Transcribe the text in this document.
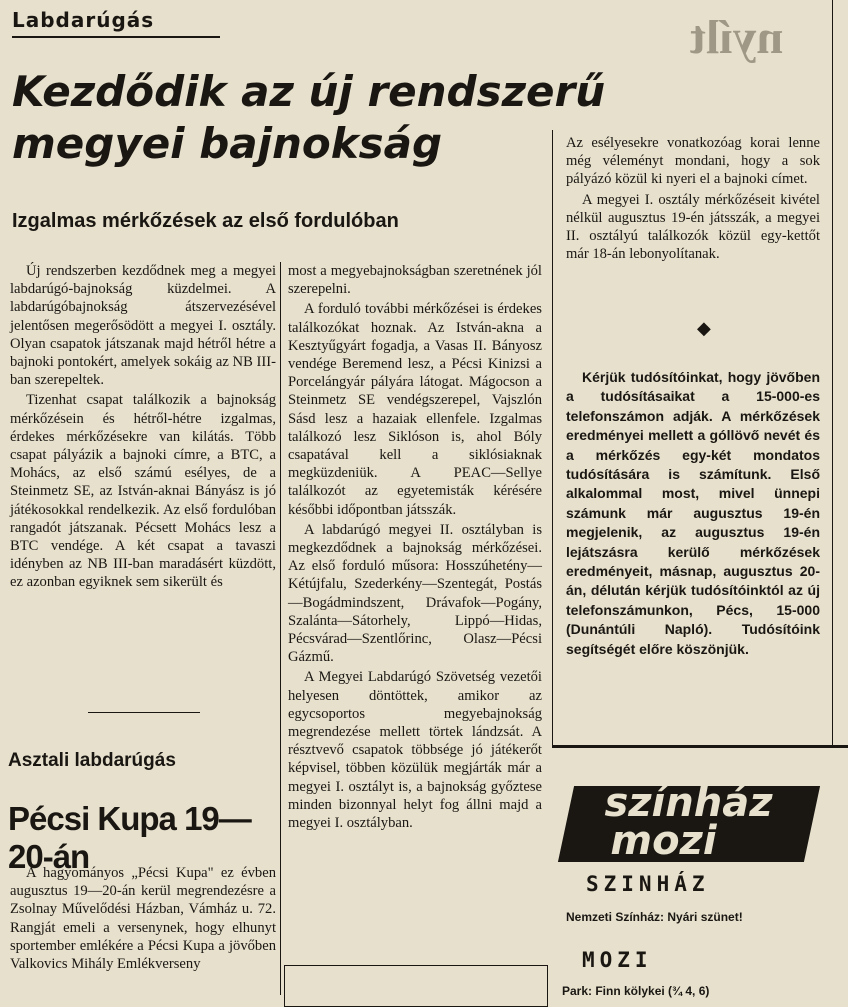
nyílt
Labdarúgás
Kezdődik az új rendszerű
megyei bajnokság
Izgalmas mérkőzések az első fordulóban

Új rendszerben kezdődnek meg a megyei labdarúgó-bajnokság küzdelmei. A labdarúgóbajnokság átszervezésével jelentősen megerősödött a megyei I. osztály. Olyan csapatok játszanak majd hétről hétre a bajnoki pontokért, amelyek sokáig az NB III-ban szerepeltek.

Tizenhat csapat találkozik a bajnokság mérkőzésein és hétről-hétre izgalmas, érdekes mérkőzésekre van kilátás. Több csapat pályázik a bajnoki címre, a BTC, a Mohács, az első számú esélyes, de a Steinmetz SE, az István-aknai Bányász is jó játékosokkal rendelkezik. Az első fordulóban rangadót játszanak. Pécsett Mohács lesz a BTC vendége. A két csapat a tavaszi idényben az NB III-ban maradásért küzdött, ez azonban egyiknek sem sikerült és

Asztali labdarúgás
Pécsi Kupa 19—20-án

A hagyományos „Pécsi Kupa" ez évben augusztus 19—20-án kerül megrendezésre a Zsolnay Művelődési Házban, Vámház u. 72. Rangját emeli a versenynek, hogy elhunyt sportember emlékére a Pécsi Kupa a jövőben Valkovics Mihály Emlékverseny

most a megyebajnokságban szeretnének jól szerepelni.

A forduló további mérkőzései is érdekes találkozókat hoznak. Az István-akna a Kesztyűgyárt fogadja, a Vasas II. Bányosz vendége Beremend lesz, a Pécsi Kinizsi a Porcelángyár pályára látogat. Mágocson a Steinmetz SE vendégszerepel, Vajszlón Sásd lesz a hazaiak ellenfele. Izgalmas találkozó lesz Siklóson is, ahol Bóly csapatával kell a siklósiaknak megküzdeniük. A PEAC—Sellye találkozót az egyetemisták kérésére későbbi időpontban játsszák.

A labdarúgó megyei II. osztályban is megkezdődnek a bajnokság mérkőzései. Az első forduló műsora: Hosszúhetény—Kétújfalu, Szederkény—Szentegát, Postás—Bogádmindszent, Drávafok—Pogány, Szalánta—Sátorhely, Lippó—Hidas, Pécsvárad—Szentlőrinc, Olasz—Pécsi Gázmű.

A Megyei Labdarúgó Szövetség vezetői helyesen döntöttek, amikor az egycsoportos megyebajnokság megrendezése mellett törtek lándzsát. A résztvevő csapatok többsége jó játékerőt képvisel, többen közülük megjárták már a megyei I. osztályt is, a bajnokság győztese minden bizonnyal helyt fog állni majd a megyei I. osztályban.

Az esélyesekre vonatkozóag korai lenne még véleményt mondani, hogy a sok pályázó közül ki nyeri el a bajnoki címet.

A megyei I. osztály mérkőzéseit kivétel nélkül augusztus 19-én játsszák, a megyei II. osztályú találkozók közül egy-kettőt már 18-án lebonyolítanak.

◆

Kérjük tudósítóinkat, hogy jövőben a tudósításaikat a 15-000-es telefonszámon adják. A mérkőzések eredményei mellett a góllövő nevét és a mérkőzés egy-két mondatos tudósítására is számítunk. Első alkalommal most, mivel ünnepi számunk már augusztus 19-én megjelenik, az augusztus 19-én lejátszásra kerülő mérkőzések eredményeit, másnap, augusztus 20-án, délután kérjük tudósítóinktól az új telefonszámunkon, Pécs, 15-000 (Dunántúli Napló). Tudósítóink segítségét előre köszönjük.

színház
mozi
SZINHÁZ
Nemzeti Színház: Nyári szünet!
MOZI
Park: Finn kölykei (¾ 4, 6)
